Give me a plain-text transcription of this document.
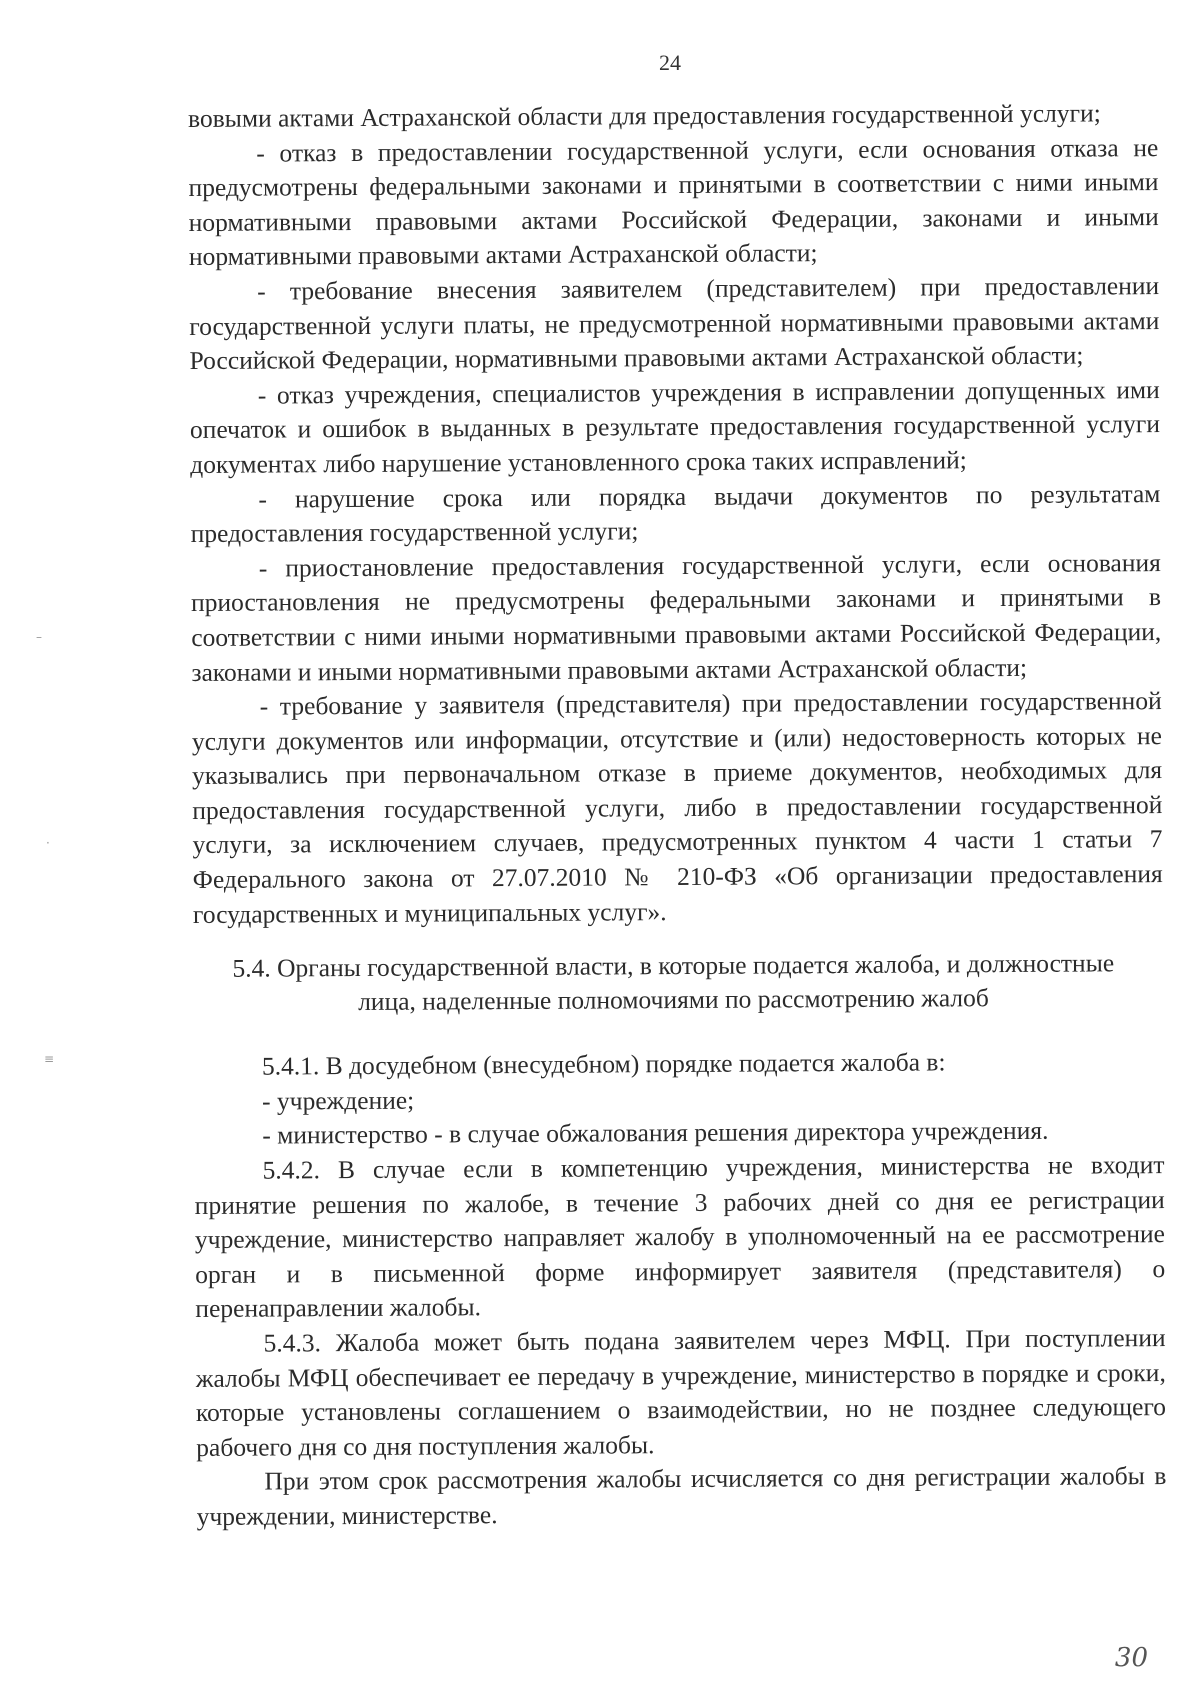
24

вовыми актами Астраханской области для предоставления государственной услуги;

- отказ в предоставлении государственной услуги, если основания отказа не предусмотрены федеральными законами и принятыми в соответствии с ними иными нормативными правовыми актами Российской Федерации, законами и иными нормативными правовыми актами Астраханской области;

- требование внесения заявителем (представителем) при предоставлении государственной услуги платы, не предусмотренной нормативными правовыми актами Российской Федерации, нормативными правовыми актами Астраханской области;

- отказ учреждения, специалистов учреждения в исправлении допущенных ими опечаток и ошибок в выданных в результате предоставления государственной услуги документах либо нарушение установленного срока таких исправлений;

- нарушение срока или порядка выдачи документов по результатам предоставления государственной услуги;

- приостановление предоставления государственной услуги, если основания приостановления не предусмотрены федеральными законами и принятыми в соответствии с ними иными нормативными правовыми актами Российской Федерации, законами и иными нормативными правовыми актами Астраханской области;

- требование у заявителя (представителя) при предоставлении государственной услуги документов или информации, отсутствие и (или) недостоверность которых не указывались при первоначальном отказе в приеме документов, необходимых для предоставления государственной услуги, либо в предоставлении государственной услуги, за исключением случаев, предусмотренных пунктом 4 части 1 статьи 7 Федерального закона от 27.07.2010 № 210-ФЗ «Об организации предоставления государственных и муниципальных услуг».

5.4. Органы государственной власти, в которые подается жалоба, и должностные лица, наделенные полномочиями по рассмотрению жалоб

5.4.1. В досудебном (внесудебном) порядке подается жалоба в:

- учреждение;

- министерство - в случае обжалования решения директора учреждения.

5.4.2. В случае если в компетенцию учреждения, министерства не входит принятие решения по жалобе, в течение 3 рабочих дней со дня ее регистрации учреждение, министерство направляет жалобу в уполномоченный на ее рассмотрение орган и в письменной форме информирует заявителя (представителя) о перенаправлении жалобы.

5.4.3. Жалоба может быть подана заявителем через МФЦ. При поступлении жалобы МФЦ обеспечивает ее передачу в учреждение, министерство в порядке и сроки, которые установлены соглашением о взаимодействии, но не позднее следующего рабочего дня со дня поступления жалобы.

При этом срок рассмотрения жалобы исчисляется со дня регистрации жалобы в учреждении, министерстве.

–
·
≡
30
